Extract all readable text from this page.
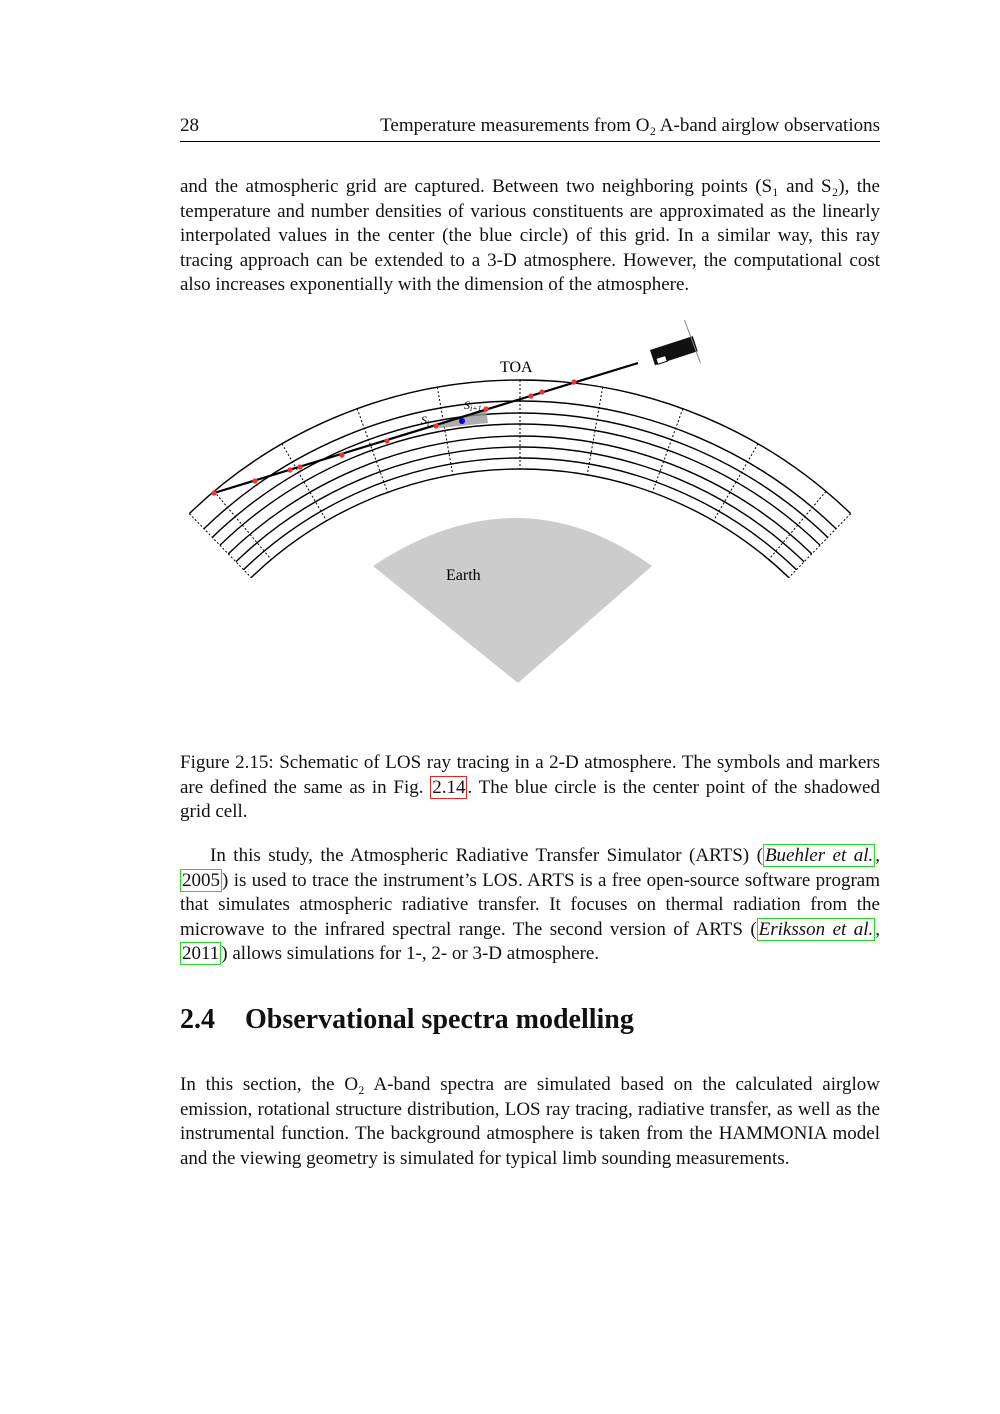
28	Temperature measurements from O₂ A-band airglow observations
and the atmospheric grid are captured. Between two neighboring points (S₁ and S₂), the temperature and number densities of various constituents are approximated as the linearly interpolated values in the center (the blue circle) of this grid. In a similar way, this ray tracing approach can be extended to a 3-D atmosphere. However, the computational cost also increases exponentially with the dimension of the atmosphere.
TOA
Earth
Si
Si+1
Figure 2.15: Schematic of LOS ray tracing in a 2-D atmosphere. The symbols and markers are defined the same as in Fig. 2.14 . The blue circle is the center point of the shadowed grid cell.
In this study, the Atmospheric Radiative Transfer Simulator (ARTS) ( Buehler et al. , 2005 ) is used to trace the instrument’s LOS. ARTS is a free open-source software program that simulates atmospheric radiative transfer. It focuses on thermal radiation from the microwave to the infrared spectral range. The second version of ARTS ( Eriksson et al. , 2011 ) allows simulations for 1-, 2- or 3-D atmosphere.
2.4 Observational spectra modelling
In this section, the O₂ A-band spectra are simulated based on the calculated airglow emission, rotational structure distribution, LOS ray tracing, radiative transfer, as well as the instrumental function. The background atmosphere is taken from the HAMMONIA model and the viewing geometry is simulated for typical limb sounding measurements.
